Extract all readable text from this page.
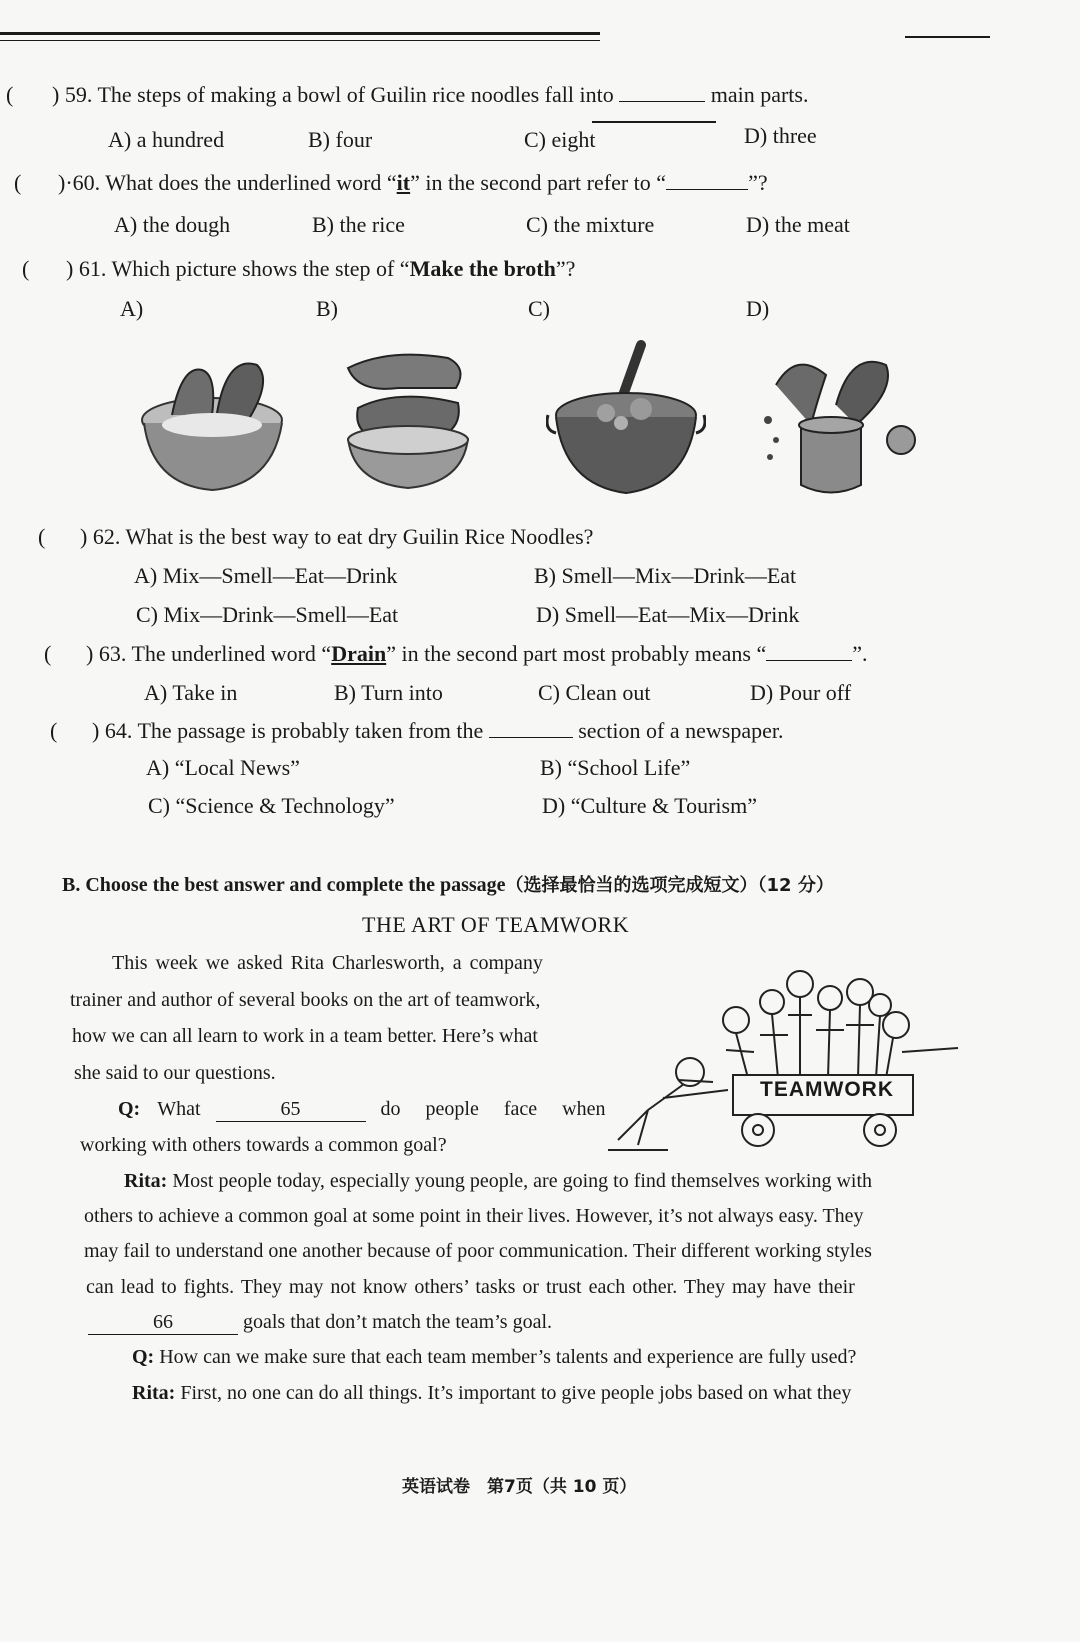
( ) 59. The steps of making a bowl of Guilin rice noodles fall into	main parts.
A) a hundred	B) four	C) eight	D) three
( )·60. What does the underlined word “it” in the second part refer to “	”?
A) the dough	B) the rice	C) the mixture	D) the meat
( ) 61. Which picture shows the step of “Make the broth”?
A)	B)	C)	D)
( ) 62. What is the best way to eat dry Guilin Rice Noodles?
A) Mix—Smell—Eat—Drink	B) Smell—Mix—Drink—Eat
C) Mix—Drink—Smell—Eat	D) Smell—Eat—Mix—Drink
( ) 63. The underlined word “Drain” in the second part most probably means “	”.
A) Take in	B) Turn into	C) Clean out	D) Pour off
( ) 64. The passage is probably taken from the	section of a newspaper.
A) “Local News”	B) “School Life”
C) “Science & Technology”	D) “Culture & Tourism”
B. Choose the best answer and complete the passage（选择最恰当的选项完成短文）（12 分）
THE ART OF TEAMWORK
This week we asked Rita Charlesworth, a company
trainer and author of several books on the art of teamwork,
how we can all learn to work in a team better. Here’s what
she said to our questions.
Q: What	65	do people face when
working with others towards a common goal?
TEAMWORK
Rita: Most people today, especially young people, are going to find themselves working with
others to achieve a common goal at some point in their lives. However, it’s not always easy. They
may fail to understand one another because of poor communication. Their different working styles
can lead to fights. They may not know others’ tasks or trust each other. They may have their
66	goals that don’t match the team’s goal.
Q: How can we make sure that each team member’s talents and experience are fully used?
Rita: First, no one can do all things. It’s important to give people jobs based on what they
英语试卷　第7页（共 10 页）
